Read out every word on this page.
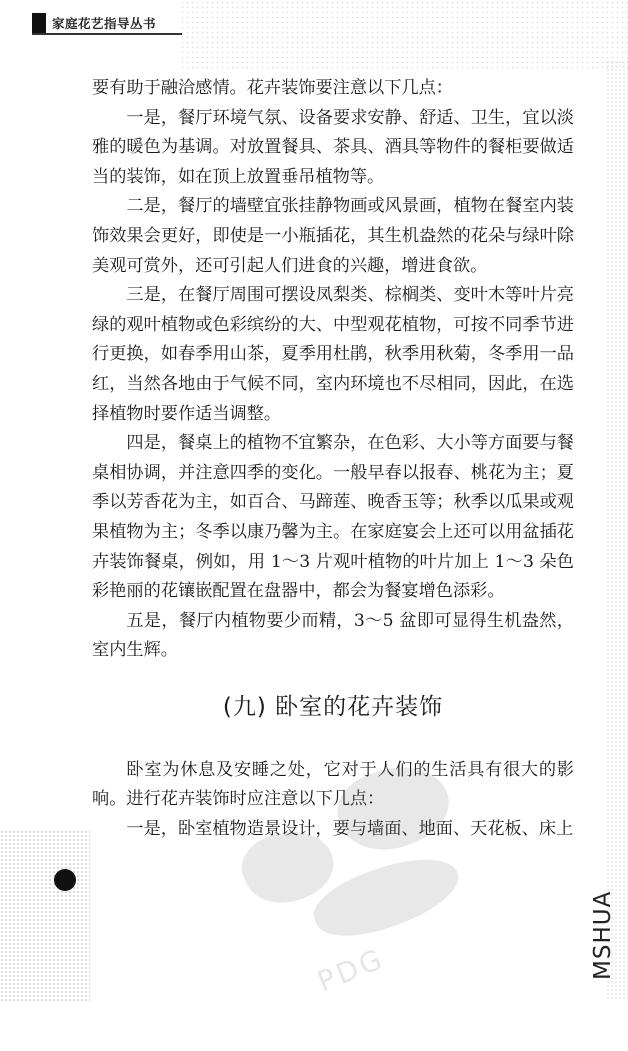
家庭花艺指导丛书

要有助于融洽感情。花卉装饰要注意以下几点：

一是，餐厅环境气氛、设备要求安静、舒适、卫生，宜以淡雅的暖色为基调。对放置餐具、茶具、酒具等物件的餐柜要做适当的装饰，如在顶上放置垂吊植物等。

二是，餐厅的墙壁宜张挂静物画或风景画，植物在餐室内装饰效果会更好，即使是一小瓶插花，其生机盎然的花朵与绿叶除美观可赏外，还可引起人们进食的兴趣，增进食欲。

三是，在餐厅周围可摆设凤梨类、棕榈类、变叶木等叶片亮绿的观叶植物或色彩缤纷的大、中型观花植物，可按不同季节进行更换，如春季用山茶，夏季用杜鹃，秋季用秋菊，冬季用一品红，当然各地由于气候不同，室内环境也不尽相同，因此，在选择植物时要作适当调整。

四是，餐桌上的植物不宜繁杂，在色彩、大小等方面要与餐桌相协调，并注意四季的变化。一般早春以报春、桃花为主；夏季以芳香花为主，如百合、马蹄莲、晚香玉等；秋季以瓜果或观果植物为主；冬季以康乃馨为主。在家庭宴会上还可以用盆插花卉装饰餐桌，例如，用 1～3 片观叶植物的叶片加上 1～3 朵色彩艳丽的花镶嵌配置在盘器中，都会为餐宴增色添彩。

五是，餐厅内植物要少而精，3～5 盆即可显得生机盎然，室内生辉。

(九) 卧室的花卉装饰

卧室为休息及安睡之处，它对于人们的生活具有很大的影响。进行花卉装饰时应注意以下几点：

一是，卧室植物造景设计，要与墙面、地面、天花板、床上

PDG	MSHUA
